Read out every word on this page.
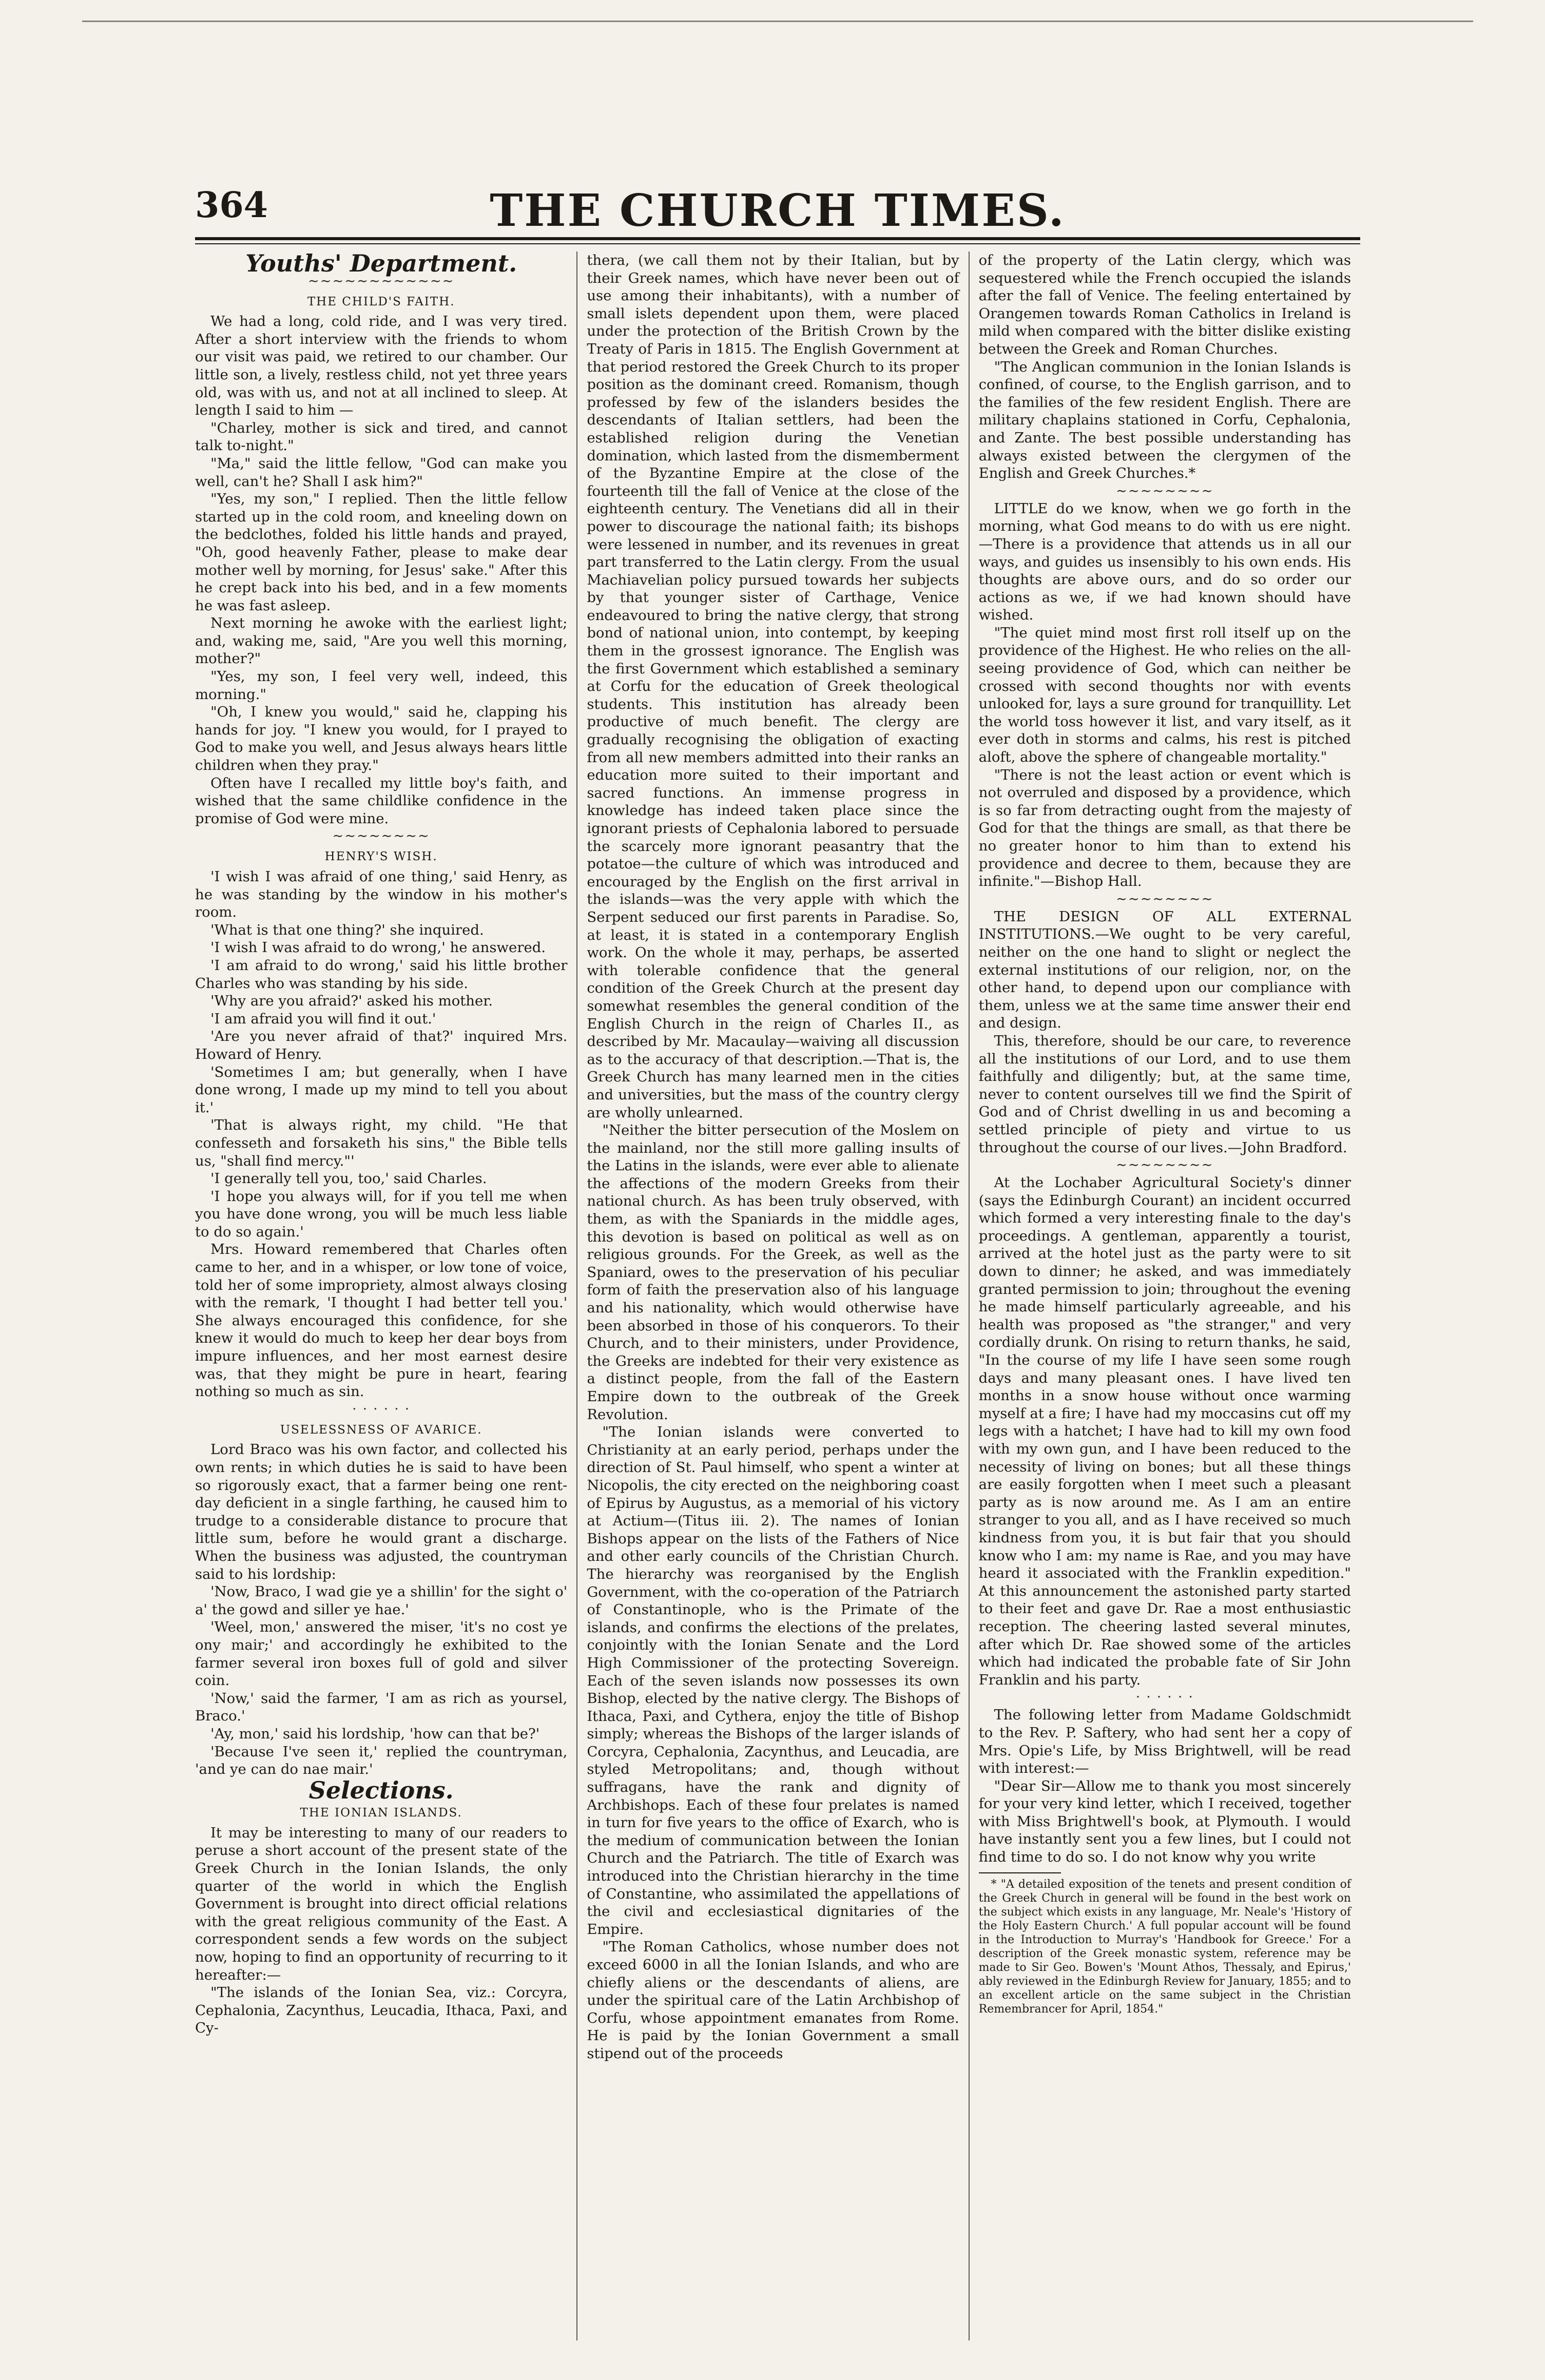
THE CHURCH TIMES.
364
Youths' Department.
∼∼∼∼∼∼∼∼∼∼∼∼
THE CHILD'S FAITH.

We had a long, cold ride, and I was very tired. After a short interview with the friends to whom our visit was paid, we retired to our chamber. Our little son, a lively, restless child, not yet three years old, was with us, and not at all inclined to sleep. At length I said to him —

"Charley, mother is sick and tired, and cannot talk to-night."

"Ma," said the little fellow, "God can make you well, can't he? Shall I ask him?"

"Yes, my son," I replied. Then the little fellow started up in the cold room, and kneeling down on the bedclothes, folded his little hands and prayed, "Oh, good heavenly Father, please to make dear mother well by morning, for Jesus' sake." After this he crept back into his bed, and in a few moments he was fast asleep.

Next morning he awoke with the earliest light; and, waking me, said, "Are you well this morning, mother?"

"Yes, my son, I feel very well, indeed, this morning."

"Oh, I knew you would," said he, clapping his hands for joy. "I knew you would, for I prayed to God to make you well, and Jesus always hears little children when they pray."

Often have I recalled my little boy's faith, and wished that the same childlike confidence in the promise of God were mine.

∼∼∼∼∼∼∼∼
HENRY'S WISH.

'I wish I was afraid of one thing,' said Henry, as he was standing by the window in his mother's room.

'What is that one thing?' she inquired.

'I wish I was afraid to do wrong,' he answered.

'I am afraid to do wrong,' said his little brother Charles who was standing by his side.

'Why are you afraid?' asked his mother.

'I am afraid you will find it out.'

'Are you never afraid of that?' inquired Mrs. Howard of Henry.

'Sometimes I am; but generally, when I have done wrong, I made up my mind to tell you about it.'

'That is always right, my child. "He that confesseth and forsaketh his sins," the Bible tells us, "shall find mercy."'

'I generally tell you, too,' said Charles.

'I hope you always will, for if you tell me when you have done wrong, you will be much less liable to do so again.'

Mrs. Howard remembered that Charles often came to her, and in a whisper, or low tone of voice, told her of some impropriety, almost always closing with the remark, 'I thought I had better tell you.' She always encouraged this confidence, for she knew it would do much to keep her dear boys from impure influences, and her most earnest desire was, that they might be pure in heart, fearing nothing so much as sin.

· · · · · ·
USELESSNESS OF AVARICE.

Lord Braco was his own factor, and collected his own rents; in which duties he is said to have been so rigorously exact, that a farmer being one rent-day deficient in a single farthing, he caused him to trudge to a considerable distance to procure that little sum, before he would grant a discharge. When the business was adjusted, the countryman said to his lordship:

'Now, Braco, I wad gie ye a shillin' for the sight o' a' the gowd and siller ye hae.'

'Weel, mon,' answered the miser, 'it's no cost ye ony mair;' and accordingly he exhibited to the farmer several iron boxes full of gold and silver coin.

'Now,' said the farmer, 'I am as rich as yoursel, Braco.'

'Ay, mon,' said his lordship, 'how can that be?'

'Because I've seen it,' replied the countryman, 'and ye can do nae mair.'

Selections.
THE IONIAN ISLANDS.

It may be interesting to many of our readers to peruse a short account of the present state of the Greek Church in the Ionian Islands, the only quarter of the world in which the English Government is brought into direct official relations with the great religious community of the East. A correspondent sends a few words on the subject now, hoping to find an opportunity of recurring to it hereafter:—

"The islands of the Ionian Sea, viz.: Corcyra, Cephalonia, Zacynthus, Leucadia, Ithaca, Paxi, and Cy-

thera, (we call them not by their Italian, but by their Greek names, which have never been out of use among their inhabitants), with a number of small islets dependent upon them, were placed under the protection of the British Crown by the Treaty of Paris in 1815. The English Government at that period restored the Greek Church to its proper position as the dominant creed. Romanism, though professed by few of the islanders besides the descendants of Italian settlers, had been the established religion during the Venetian domination, which lasted from the dismemberment of the Byzantine Empire at the close of the fourteenth till the fall of Venice at the close of the eighteenth century. The Venetians did all in their power to discourage the national faith; its bishops were lessened in number, and its revenues in great part transferred to the Latin clergy. From the usual Machiavelian policy pursued towards her subjects by that younger sister of Carthage, Venice endeavoured to bring the native clergy, that strong bond of national union, into contempt, by keeping them in the grossest ignorance. The English was the first Government which established a seminary at Corfu for the education of Greek theological students. This institution has already been productive of much benefit. The clergy are gradually recognising the obligation of exacting from all new members admitted into their ranks an education more suited to their important and sacred functions. An immense progress in knowledge has indeed taken place since the ignorant priests of Cephalonia labored to persuade the scarcely more ignorant peasantry that the potatoe—the culture of which was introduced and encouraged by the English on the first arrival in the islands—was the very apple with which the Serpent seduced our first parents in Paradise. So, at least, it is stated in a contemporary English work. On the whole it may, perhaps, be asserted with tolerable confidence that the general condition of the Greek Church at the present day somewhat resembles the general condition of the English Church in the reign of Charles II., as described by Mr. Macaulay—waiving all discussion as to the accuracy of that description.—That is, the Greek Church has many learned men in the cities and universities, but the mass of the country clergy are wholly unlearned.

"Neither the bitter persecution of the Moslem on the mainland, nor the still more galling insults of the Latins in the islands, were ever able to alienate the affections of the modern Greeks from their national church. As has been truly observed, with them, as with the Spaniards in the middle ages, this devotion is based on political as well as on religious grounds. For the Greek, as well as the Spaniard, owes to the preservation of his peculiar form of faith the preservation also of his language and his nationality, which would otherwise have been absorbed in those of his conquerors. To their Church, and to their ministers, under Providence, the Greeks are indebted for their very existence as a distinct people, from the fall of the Eastern Empire down to the outbreak of the Greek Revolution.

"The Ionian islands were converted to Christianity at an early period, perhaps under the direction of St. Paul himself, who spent a winter at Nicopolis, the city erected on the neighboring coast of Epirus by Augustus, as a memorial of his victory at Actium—(Titus iii. 2). The names of Ionian Bishops appear on the lists of the Fathers of Nice and other early councils of the Christian Church. The hierarchy was reorganised by the English Government, with the co-operation of the Patriarch of Constantinople, who is the Primate of the islands, and confirms the elections of the prelates, conjointly with the Ionian Senate and the Lord High Commissioner of the protecting Sovereign. Each of the seven islands now possesses its own Bishop, elected by the native clergy. The Bishops of Ithaca, Paxi, and Cythera, enjoy the title of Bishop simply; whereas the Bishops of the larger islands of Corcyra, Cephalonia, Zacynthus, and Leucadia, are styled Metropolitans; and, though without suffragans, have the rank and dignity of Archbishops. Each of these four prelates is named in turn for five years to the office of Exarch, who is the medium of communication between the Ionian Church and the Patriarch. The title of Exarch was introduced into the Christian hierarchy in the time of Constantine, who assimilated the appellations of the civil and ecclesiastical dignitaries of the Empire.

"The Roman Catholics, whose number does not exceed 6000 in all the Ionian Islands, and who are chiefly aliens or the descendants of aliens, are under the spiritual care of the Latin Archbishop of Corfu, whose appointment emanates from Rome. He is paid by the Ionian Government a small stipend out of the proceeds

of the property of the Latin clergy, which was sequestered while the French occupied the islands after the fall of Venice. The feeling entertained by Orangemen towards Roman Catholics in Ireland is mild when compared with the bitter dislike existing between the Greek and Roman Churches.

"The Anglican communion in the Ionian Islands is confined, of course, to the English garrison, and to the families of the few resident English. There are military chaplains stationed in Corfu, Cephalonia, and Zante. The best possible understanding has always existed between the clergymen of the English and Greek Churches.*

∼∼∼∼∼∼∼∼

LITTLE do we know, when we go forth in the morning, what God means to do with us ere night.—There is a providence that attends us in all our ways, and guides us insensibly to his own ends. His thoughts are above ours, and do so order our actions as we, if we had known should have wished.

"The quiet mind most first roll itself up on the providence of the Highest. He who relies on the all-seeing providence of God, which can neither be crossed with second thoughts nor with events unlooked for, lays a sure ground for tranquillity. Let the world toss however it list, and vary itself, as it ever doth in storms and calms, his rest is pitched aloft, above the sphere of changeable mortality."

"There is not the least action or event which is not overruled and disposed by a providence, which is so far from detracting ought from the majesty of God for that the things are small, as that there be no greater honor to him than to extend his providence and decree to them, because they are infinite."—Bishop Hall.

∼∼∼∼∼∼∼∼

THE DESIGN OF ALL EXTERNAL INSTITUTIONS.—We ought to be very careful, neither on the one hand to slight or neglect the external institutions of our religion, nor, on the other hand, to depend upon our compliance with them, unless we at the same time answer their end and design.

This, therefore, should be our care, to reverence all the institutions of our Lord, and to use them faithfully and diligently; but, at the same time, never to content ourselves till we find the Spirit of God and of Christ dwelling in us and becoming a settled principle of piety and virtue to us throughout the course of our lives.—John Bradford.

∼∼∼∼∼∼∼∼

At the Lochaber Agricultural Society's dinner (says the Edinburgh Courant) an incident occurred which formed a very interesting finale to the day's proceedings. A gentleman, apparently a tourist, arrived at the hotel just as the party were to sit down to dinner; he asked, and was immediately granted permission to join; throughout the evening he made himself particularly agreeable, and his health was proposed as "the stranger," and very cordially drunk. On rising to return thanks, he said, "In the course of my life I have seen some rough days and many pleasant ones. I have lived ten months in a snow house without once warming myself at a fire; I have had my moccasins cut off my legs with a hatchet; I have had to kill my own food with my own gun, and I have been reduced to the necessity of living on bones; but all these things are easily forgotten when I meet such a pleasant party as is now around me. As I am an entire stranger to you all, and as I have received so much kindness from you, it is but fair that you should know who I am: my name is Rae, and you may have heard it associated with the Franklin expedition." At this announcement the astonished party started to their feet and gave Dr. Rae a most enthusiastic reception. The cheering lasted several minutes, after which Dr. Rae showed some of the articles which had indicated the probable fate of Sir John Franklin and his party.

· · · · · ·

The following letter from Madame Goldschmidt to the Rev. P. Saftery, who had sent her a copy of Mrs. Opie's Life, by Miss Brightwell, will be read with interest:—

"Dear Sir—Allow me to thank you most sincerely for your very kind letter, which I received, together with Miss Brightwell's book, at Plymouth. I would have instantly sent you a few lines, but I could not find time to do so. I do not know why you write

* "A detailed exposition of the tenets and present condition of the Greek Church in general will be found in the best work on the subject which exists in any language, Mr. Neale's 'History of the Holy Eastern Church.' A full popular account will be found in the Introduction to Murray's 'Handbook for Greece.' For a description of the Greek monastic system, reference may be made to Sir Geo. Bowen's 'Mount Athos, Thessaly, and Epirus,' ably reviewed in the Edinburgh Review for January, 1855; and to an excellent article on the same subject in the Christian Remembrancer for April, 1854."
